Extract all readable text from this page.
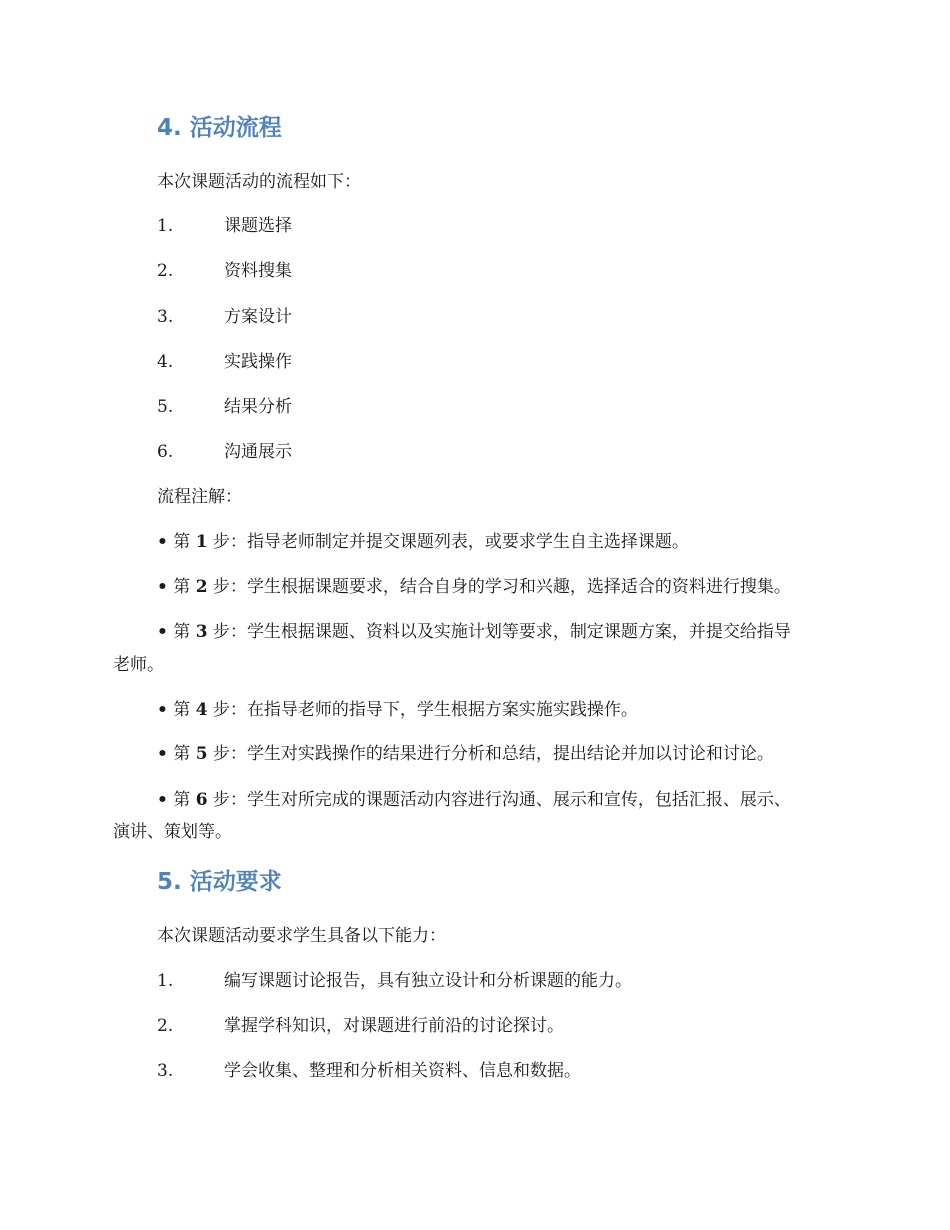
4. 活动流程
本次课题活动的流程如下：
1.	课题选择
2.	资料搜集
3.	方案设计
4.	实践操作
5.	结果分析
6.	沟通展示
流程注解：
• 第 1 步：指导老师制定并提交课题列表，或要求学生自主选择课题。
• 第 2 步：学生根据课题要求，结合自身的学习和兴趣，选择适合的资料进行搜集。
• 第 3 步：学生根据课题、资料以及实施计划等要求，制定课题方案，并提交给指导
老师。
• 第 4 步：在指导老师的指导下，学生根据方案实施实践操作。
• 第 5 步：学生对实践操作的结果进行分析和总结，提出结论并加以讨论和讨论。
• 第 6 步：学生对所完成的课题活动内容进行沟通、展示和宣传，包括汇报、展示、
演讲、策划等。
5. 活动要求
本次课题活动要求学生具备以下能力：
1.	编写课题讨论报告，具有独立设计和分析课题的能力。
2.	掌握学科知识，对课题进行前沿的讨论探讨。
3.	学会收集、整理和分析相关资料、信息和数据。
